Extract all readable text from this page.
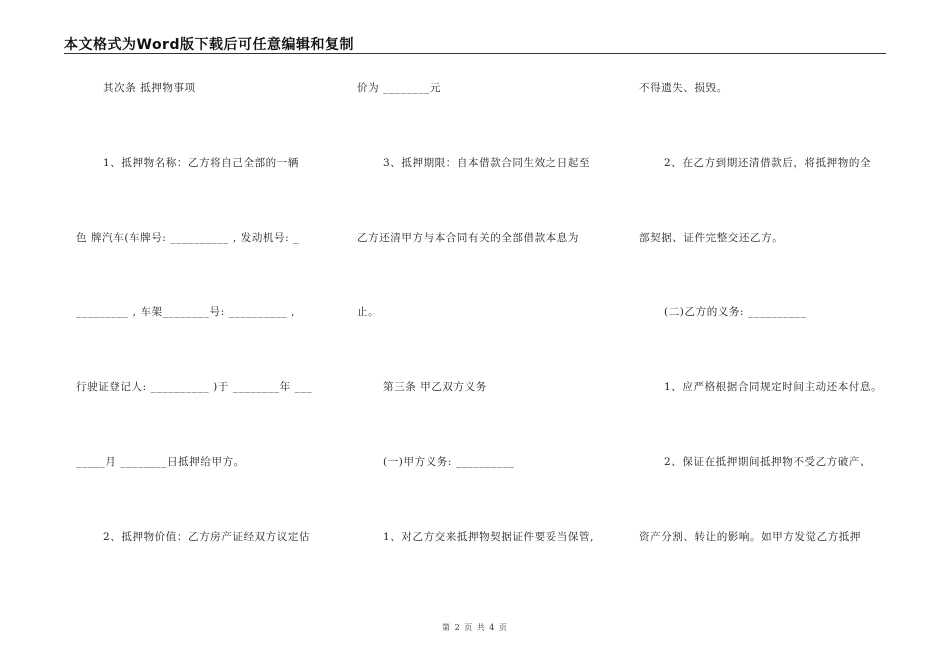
本文格式为Word版下载后可任意编辑和复制
其次条 抵押物事项
1、抵押物名称：乙方将自己全部的一辆
色 牌汽车(车牌号: __________ , 发动机号: _
_________ , 车架________号: __________ ,
行驶证登记人: __________ )于 ________年 ___
_____月 ________日抵押给甲方。
2、抵押物价值：乙方房产证经双方议定估
价为 ________元
3、抵押期限：自本借款合同生效之日起至
乙方还清甲方与本合同有关的全部借款本息为
止。
第三条 甲乙双方义务
(一)甲方义务: __________
1、对乙方交来抵押物契据证件要妥当保管,
不得遗失、损毁。
2、在乙方到期还清借款后，将抵押物的全
部契据、证件完整交还乙方。
(二)乙方的义务: __________
1、应严格根据合同规定时间主动还本付息。
2、保证在抵押期间抵押物不受乙方破产、
资产分割、转让的影响。如甲方发觉乙方抵押
第 2 页 共 4 页
